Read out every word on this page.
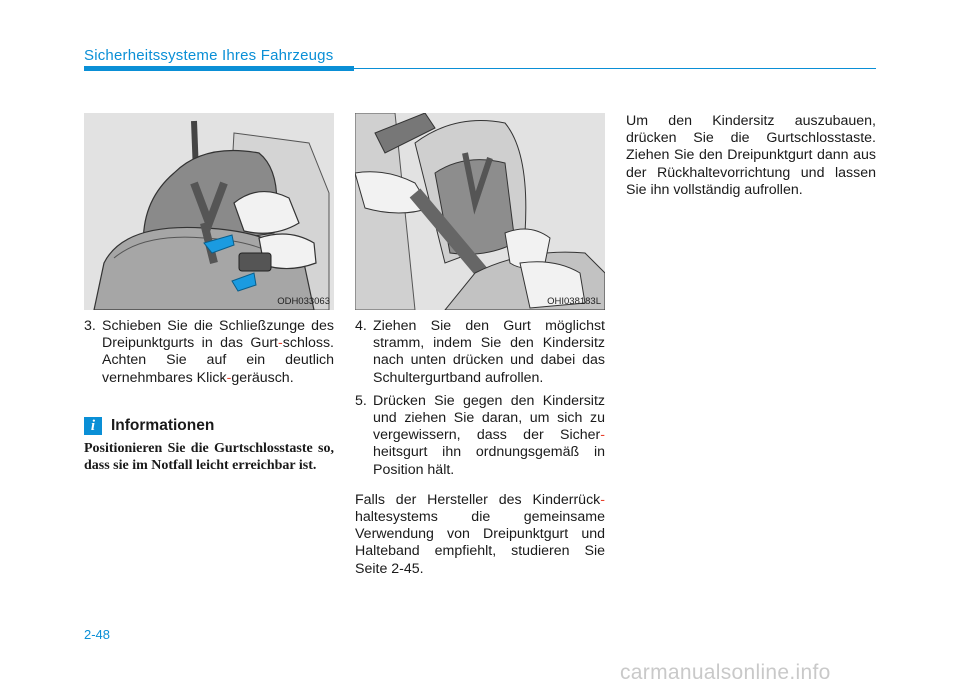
Sicherheitssysteme Ihres Fahrzeugs
ODH033063	OHI038183L

3. Schieben Sie die Schließzunge des Dreipunktgurts in das Gurt-schloss. Achten Sie auf ein deutlich vernehmbares Klick-geräusch.

i	Informationen
Positionieren Sie die Gurtschlosstaste so, dass sie im Notfall leicht erreichbar ist.

4. Ziehen Sie den Gurt möglichst stramm, indem Sie den Kindersitz nach unten drücken und dabei das Schultergurtband aufrollen.

5. Drücken Sie gegen den Kindersitz und ziehen Sie daran, um sich zu vergewissern, dass der Sicher-heitsgurt ihn ordnungsgemäß in Position hält.

Falls der Hersteller des Kinderrück-haltesystems die gemeinsame Verwendung von Dreipunktgurt und Halteband empfiehlt, studieren Sie Seite 2-45.

Um den Kindersitz auszubauen, drücken Sie die Gurtschlosstaste. Ziehen Sie den Dreipunktgurt dann aus der Rückhaltevorrichtung und lassen Sie ihn vollständig aufrollen.

2-48
carmanualsonline.info
